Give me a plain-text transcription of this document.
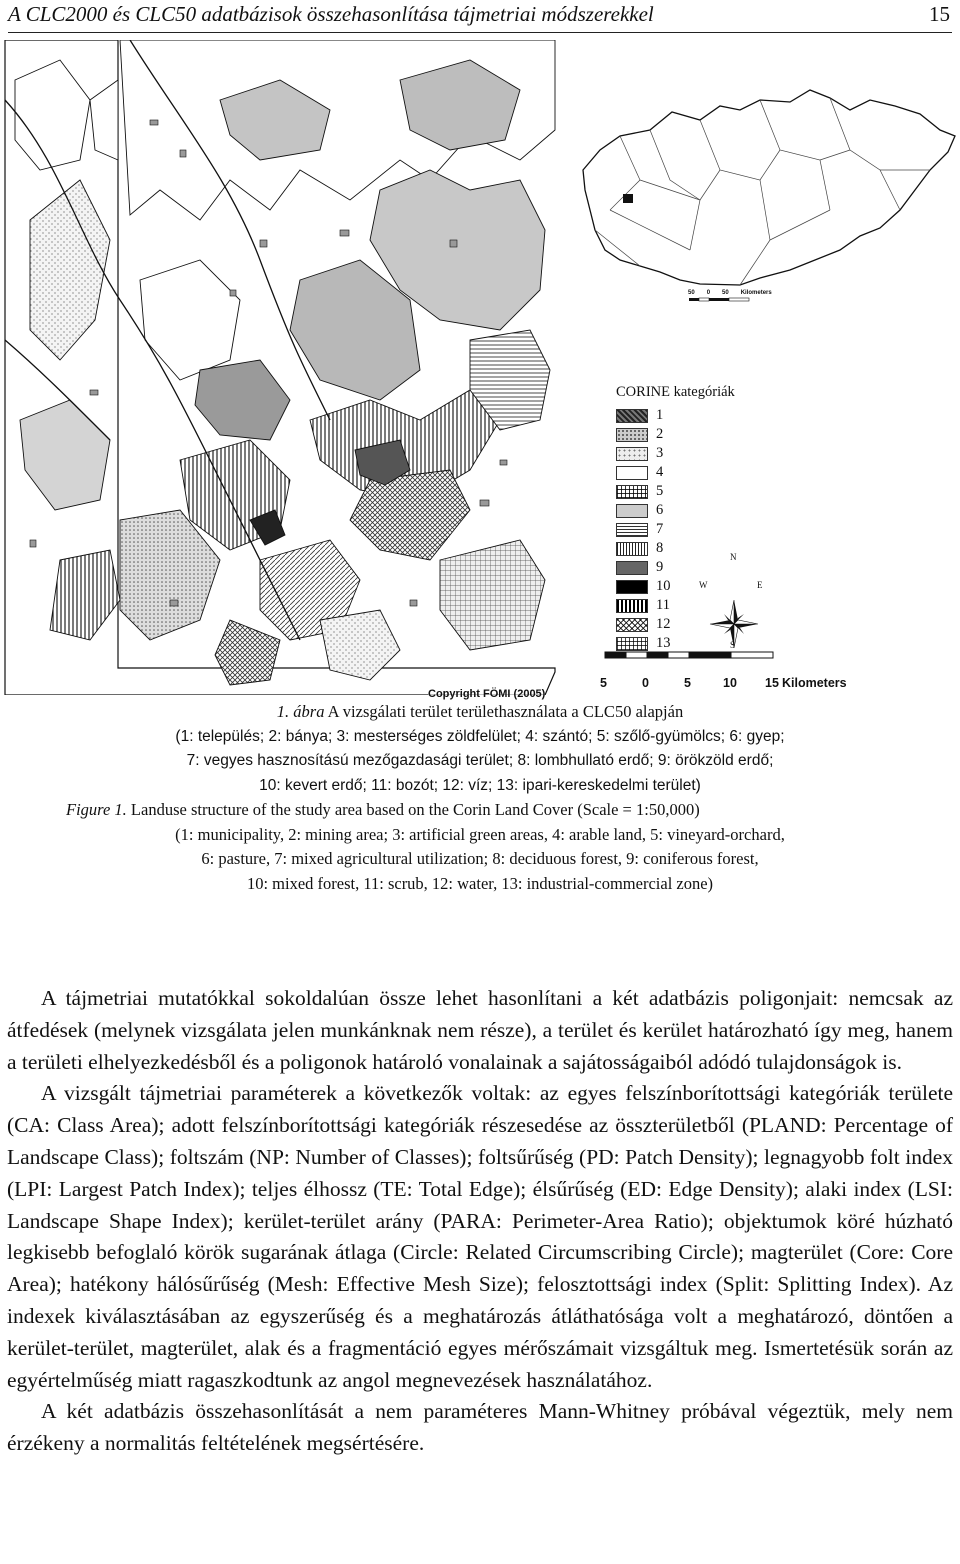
A CLC2000 és CLC50 adatbázisok összehasonlítása tájmetriai módszerekkel	15
50 0 50 Kilometers
CORINE kategóriák
1
2
3
4
5
6
7
8
9
10
11
12
13
N
S
E
W
5	0	5	10 15 Kilometers
Copyright FÖMI (2005)
1. ábra A vizsgálati terület területhasználata a CLC50 alapján
(1: település; 2: bánya; 3: mesterséges zöldfelület; 4: szántó; 5: szőlő-gyümölcs; 6: gyep;
7: vegyes hasznosítású mezőgazdasági terület; 8: lombhullató erdő; 9: örökzöld erdő;
10: kevert erdő; 11: bozót; 12: víz; 13: ipari-kereskedelmi terület)
Figure 1. Landuse structure of the study area based on the Corin Land Cover (Scale = 1:50,000)
(1: municipality, 2: mining area; 3: artificial green areas, 4: arable land, 5: vineyard-orchard,
6: pasture, 7: mixed agricultural utilization; 8: deciduous forest, 9: coniferous forest,
10: mixed forest, 11: scrub, 12: water, 13: industrial-commercial zone)

A tájmetriai mutatókkal sokoldalúan össze lehet hasonlítani a két adatbázis poligonjait: nemcsak az átfedések (melynek vizsgálata jelen munkánknak nem része), a terület és kerület határozható így meg, hanem a területi elhelyezkedésből és a poligonok határoló vonalainak a sajátosságaiból adódó tulajdonságok is.

A vizsgált tájmetriai paraméterek a következők voltak: az egyes felszínborítottsági kategóriák területe (CA: Class Area); adott felszínborítottsági kategóriák részesedése az összterületből (PLAND: Percentage of Landscape Class); foltszám (NP: Number of Classes); foltsűrűség (PD: Patch Density); legnagyobb folt index (LPI: Largest Patch Index); teljes élhossz (TE: Total Edge); élsűrűség (ED: Edge Density); alaki index (LSI: Landscape Shape Index); kerület-terület arány (PARA: Perimeter-Area Ratio); objektumok köré húzható legkisebb befoglaló körök sugarának átlaga (Circle: Related Circumscribing Circle); magterület (Core: Core Area); hatékony hálósűrűség (Mesh: Effective Mesh Size); felosztottsági index (Split: Splitting Index). Az indexek kiválasztásában az egyszerűség és a meghatározás átláthatósága volt a meghatározó, döntően a kerület-terület, magterület, alak és a fragmentáció egyes mérőszámait vizsgáltuk meg. Ismertetésük során az egyértelműség miatt ragaszkodtunk az angol megnevezések használatához.

A két adatbázis összehasonlítását a nem paraméteres Mann-Whitney próbával végeztük, mely nem érzékeny a normalitás feltételének megsértésére.
